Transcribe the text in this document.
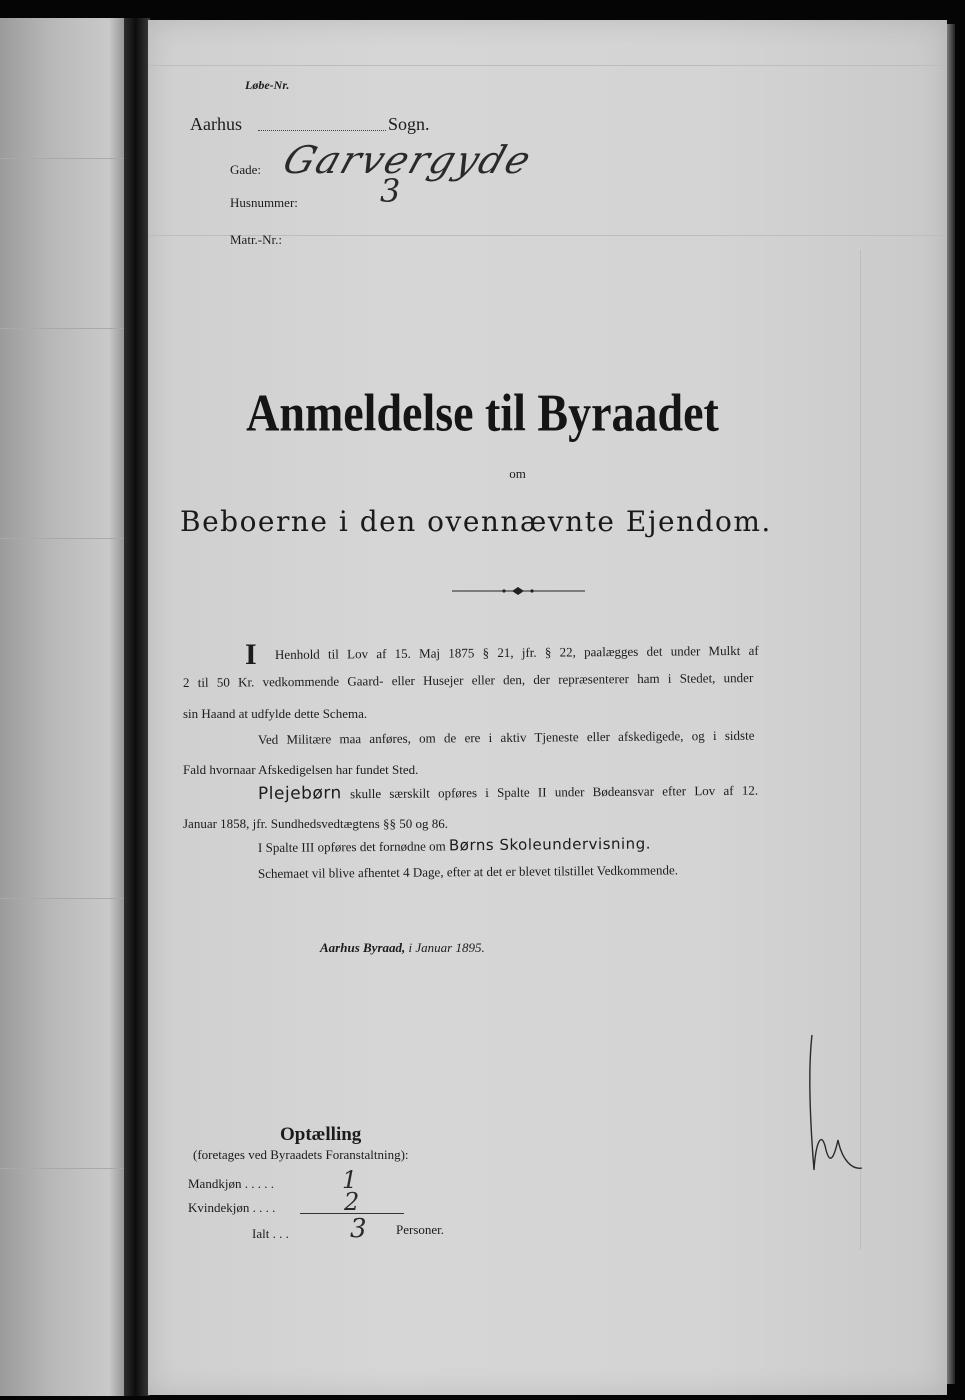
Løbe-Nr.
Aarhus	Sogn.
Gade:
Husnummer:
Matr.-Nr.:
Garvergyde
3
Anmeldelse til Byraadet
om
Beboerne i den ovennævnte Ejendom.
I Henhold til Lov af 15. Maj 1875 § 21, jfr. § 22, paalægges det under Mulkt af
2 til 50 Kr. vedkommende Gaard- eller Husejer eller den, der repræsenterer ham i Stedet, under
sin Haand at udfylde dette Schema.
Ved Militære maa anføres, om de ere i aktiv Tjeneste eller afskedigede, og i sidste
Fald hvornaar Afskedigelsen har fundet Sted.
Plejebørn skulle særskilt opføres i Spalte II under Bødeansvar efter Lov af 12.
Januar 1858, jfr. Sundhedsvedtægtens §§ 50 og 86.
I Spalte III opføres det fornødne om Børns Skoleundervisning.
Schemaet vil blive afhentet 4 Dage, efter at det er blevet tilstillet Vedkommende.
Aarhus Byraad, i Januar 1895.
Optælling
(foretages ved Byraadets Foranstaltning):
Mandkjøn . . . . .
Kvindekjøn . . . .
Ialt . . .
1
2
3 Personer.
